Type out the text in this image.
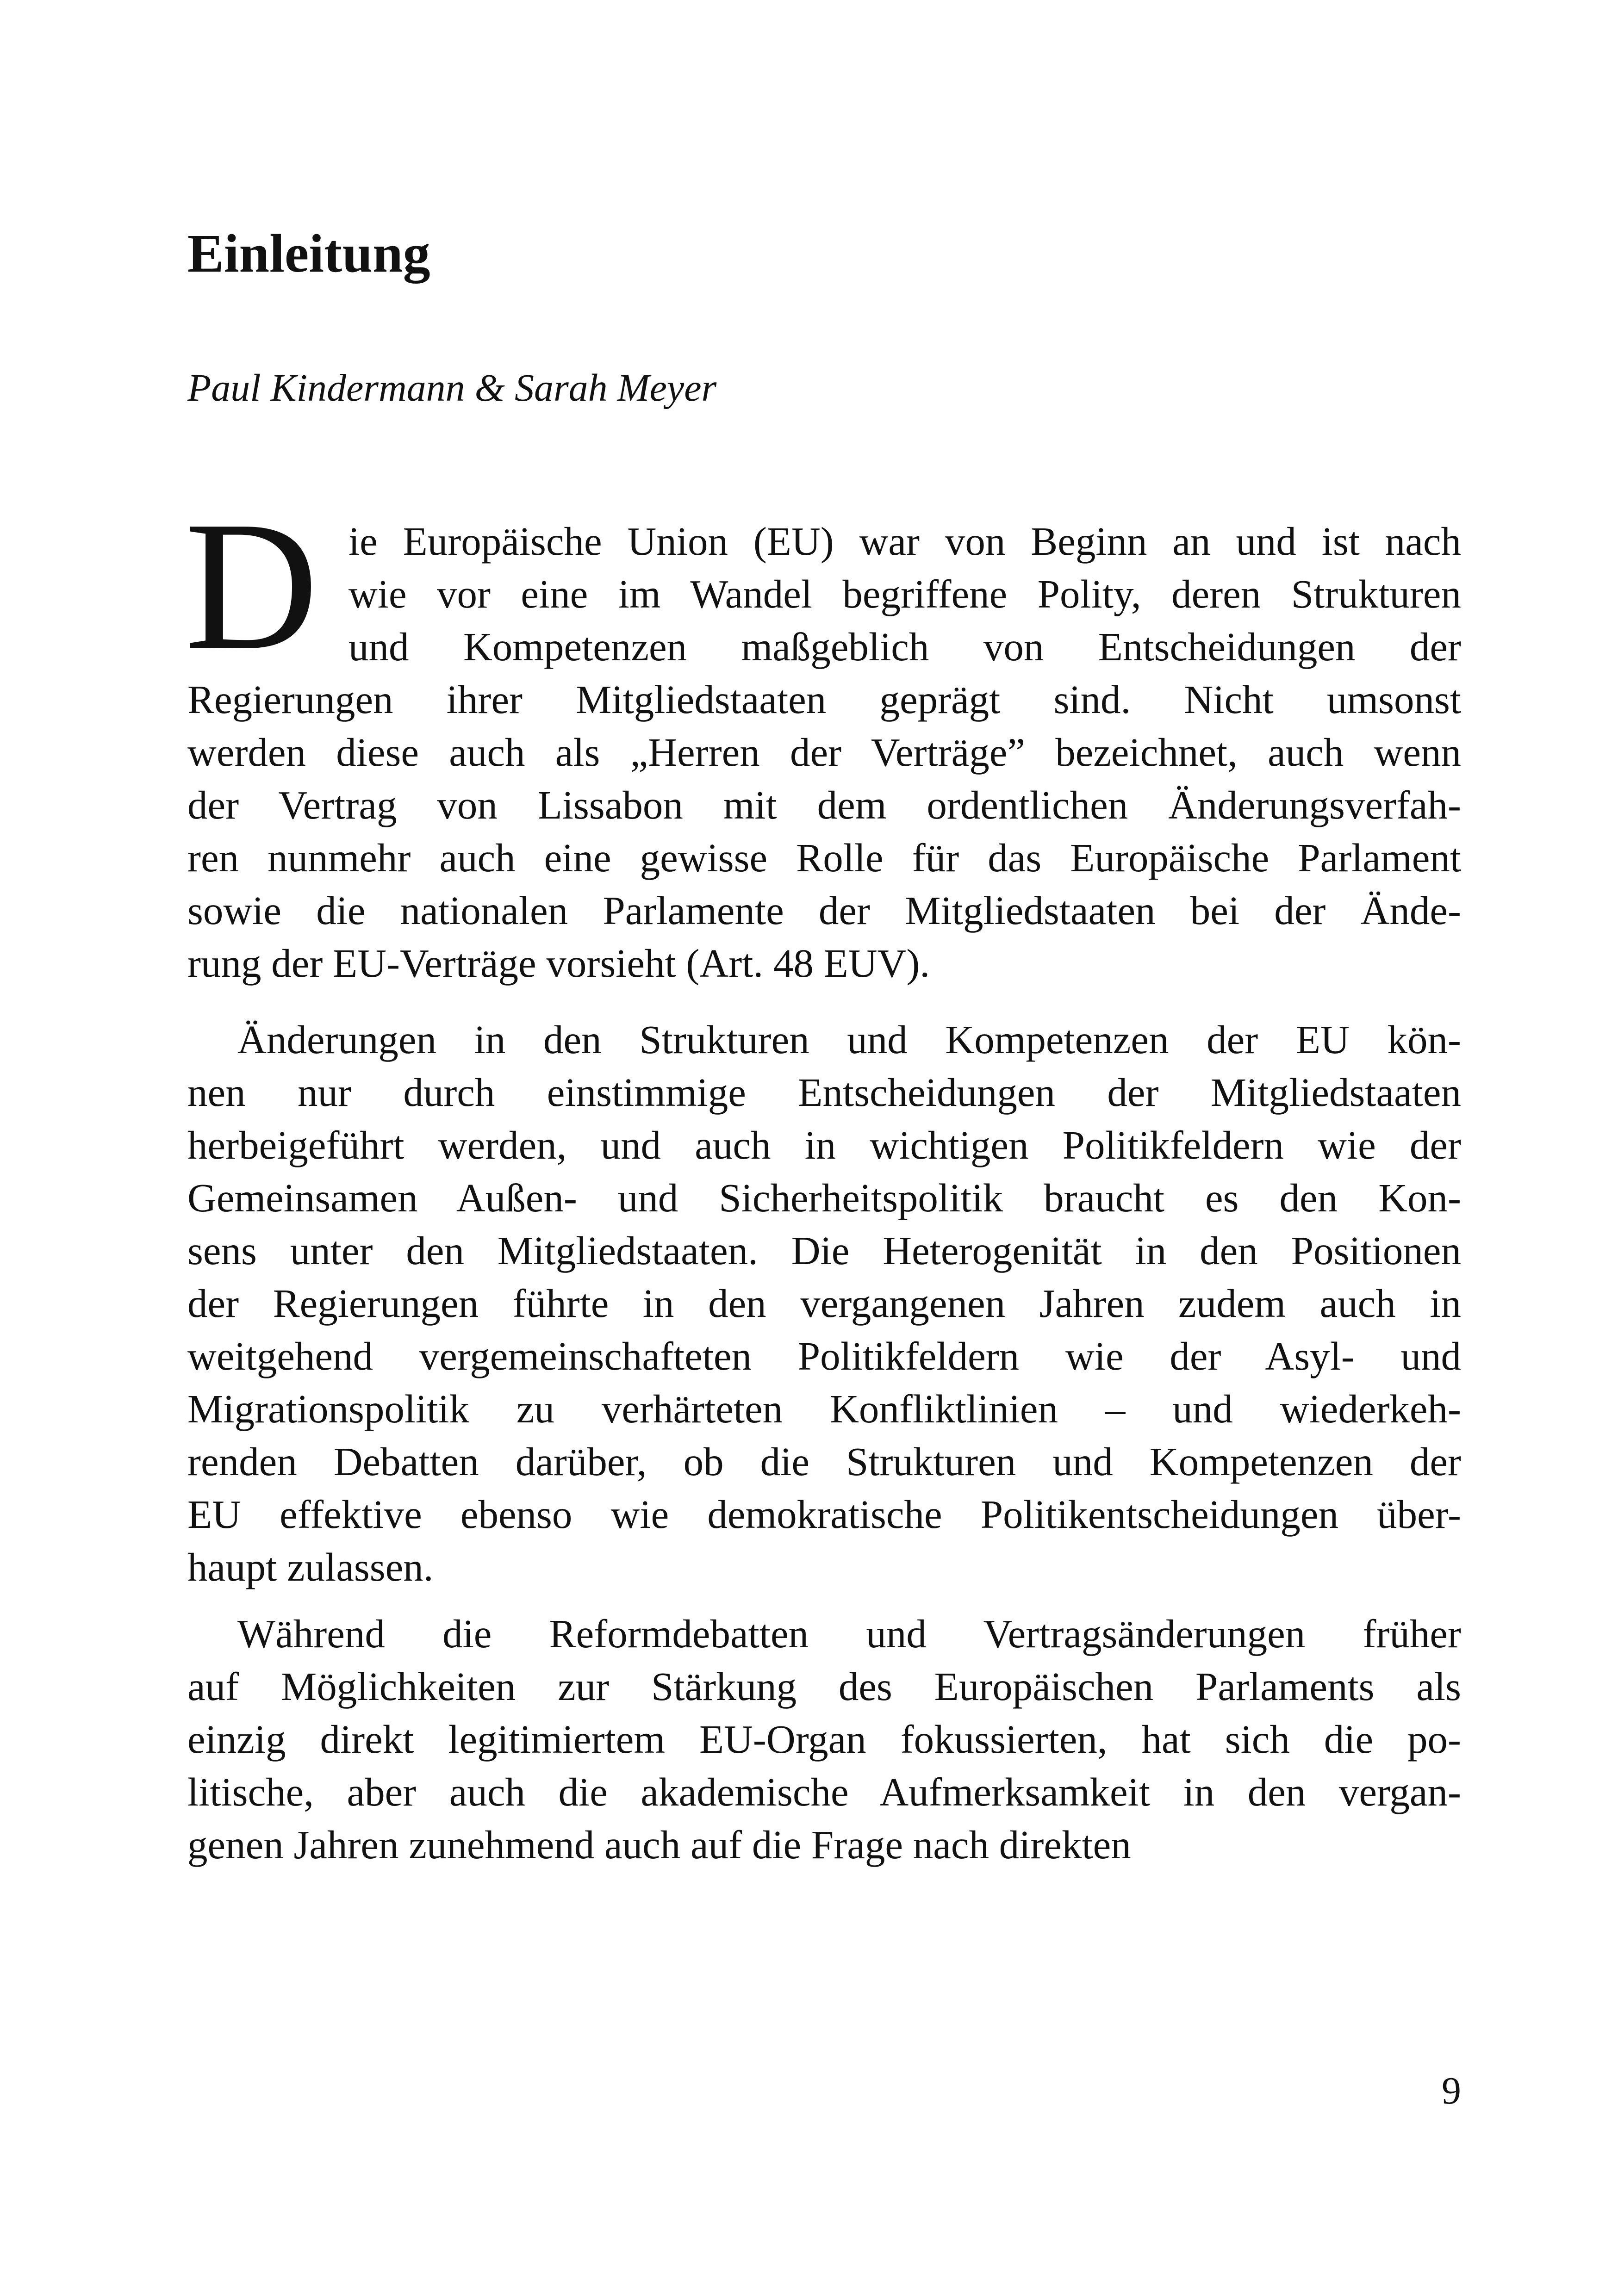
Einleitung
Paul Kindermann & Sarah Meyer
D ie Europäische Union (EU) war von Beginn an und ist nach
wie vor eine im Wandel begriffene Polity, deren Strukturen
und Kompetenzen maßgeblich von Entscheidungen der
Regierungen ihrer Mitgliedstaaten geprägt sind. Nicht umsonst
werden diese auch als „Herren der Verträge” bezeichnet, auch wenn
der Vertrag von Lissabon mit dem ordentlichen Änderungsverfah-
ren nunmehr auch eine gewisse Rolle für das Europäische Parlament
sowie die nationalen Parlamente der Mitgliedstaaten bei der Ände-
rung der EU-Verträge vorsieht (Art. 48 EUV).
Änderungen in den Strukturen und Kompetenzen der EU kön-
nen nur durch einstimmige Entscheidungen der Mitgliedstaaten
herbeigeführt werden, und auch in wichtigen Politikfeldern wie der
Gemeinsamen Außen- und Sicherheitspolitik braucht es den Kon-
sens unter den Mitgliedstaaten. Die Heterogenität in den Positionen
der Regierungen führte in den vergangenen Jahren zudem auch in
weitgehend vergemeinschafteten Politikfeldern wie der Asyl- und
Migrationspolitik zu verhärteten Konfliktlinien – und wiederkeh-
renden Debatten darüber, ob die Strukturen und Kompetenzen der
EU effektive ebenso wie demokratische Politikentscheidungen über-
haupt zulassen.
Während die Reformdebatten und Vertragsänderungen früher
auf Möglichkeiten zur Stärkung des Europäischen Parlaments als
einzig direkt legitimiertem EU-Organ fokussierten, hat sich die po-
litische, aber auch die akademische Aufmerksamkeit in den vergan-
genen Jahren zunehmend auch auf die Frage nach direkten
9
